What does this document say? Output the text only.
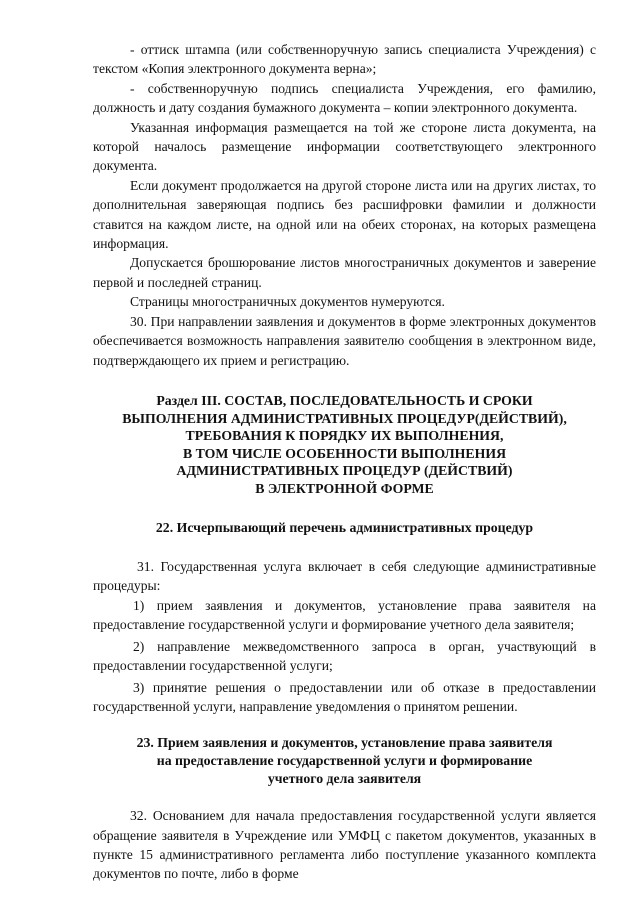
- оттиск штампа (или собственноручную запись специалиста Учреждения) с текстом «Копия электронного документа верна»;

- собственноручную подпись специалиста Учреждения, его фамилию, должность и дату создания бумажного документа – копии электронного документа.

Указанная информация размещается на той же стороне листа документа, на которой началось размещение информации соответствующего электронного документа.

Если документ продолжается на другой стороне листа или на других листах, то дополнительная заверяющая подпись без расшифровки фамилии и должности ставится на каждом листе, на одной или на обеих сторонах, на которых размещена информация.

Допускается брошюрование листов многостраничных документов и заверение первой и последней страниц.

Страницы многостраничных документов нумеруются.

30. При направлении заявления и документов в форме электронных документов обеспечивается возможность направления заявителю сообщения в электронном виде, подтверждающего их прием и регистрацию.

Раздел III. СОСТАВ, ПОСЛЕДОВАТЕЛЬНОСТЬ И СРОКИ
ВЫПОЛНЕНИЯ АДМИНИСТРАТИВНЫХ ПРОЦЕДУР(ДЕЙСТВИЙ),
ТРЕБОВАНИЯ К ПОРЯДКУ ИХ ВЫПОЛНЕНИЯ,
В ТОМ ЧИСЛЕ ОСОБЕННОСТИ ВЫПОЛНЕНИЯ
АДМИНИСТРАТИВНЫХ ПРОЦЕДУР (ДЕЙСТВИЙ)
В ЭЛЕКТРОННОЙ ФОРМЕ
22. Исчерпывающий перечень административных процедур

31. Государственная услуга включает в себя следующие административные процедуры:

1) прием заявления и документов, установление права заявителя на предоставление государственной услуги и формирование учетного дела заявителя;

2) направление межведомственного запроса в орган, участвующий в предоставлении государственной услуги;

3) принятие решения о предоставлении или об отказе в предоставлении государственной услуги, направление уведомления о принятом решении.

23. Прием заявления и документов, установление права заявителя
на предоставление государственной услуги и формирование
учетного дела заявителя

32. Основанием для начала предоставления государственной услуги является обращение заявителя в Учреждение или УМФЦ с пакетом документов, указанных в пункте 15 административного регламента либо поступление указанного комплекта документов по почте, либо в форме
